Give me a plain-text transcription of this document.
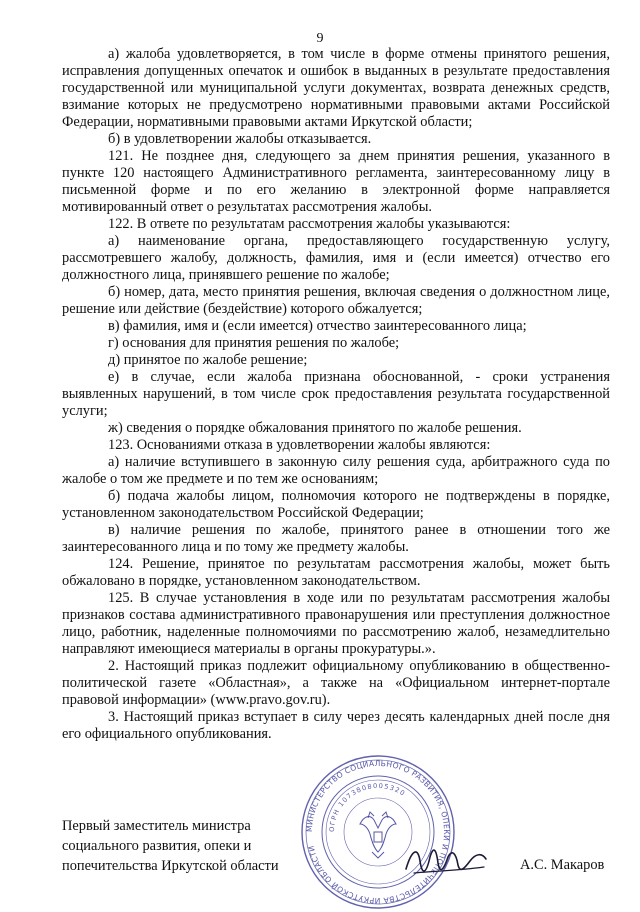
9

а) жалоба удовлетворяется, в том числе в форме отмены принятого решения, исправления допущенных опечаток и ошибок в выданных в результате предоставления государственной или муниципальной услуги документах, возврата денежных средств, взимание которых не предусмотрено нормативными правовыми актами Российской Федерации, нормативными правовыми актами Иркутской области;

б) в удовлетворении жалобы отказывается.

121. Не позднее дня, следующего за днем принятия решения, указанного в пункте 120 настоящего Административного регламента, заинтересованному лицу в письменной форме и по его желанию в электронной форме направляется мотивированный ответ о результатах рассмотрения жалобы.

122. В ответе по результатам рассмотрения жалобы указываются:

а) наименование органа, предоставляющего государственную услугу, рассмотревшего жалобу, должность, фамилия, имя и (если имеется) отчество его должностного лица, принявшего решение по жалобе;

б) номер, дата, место принятия решения, включая сведения о должностном лице, решение или действие (бездействие) которого обжалуется;

в) фамилия, имя и (если имеется) отчество заинтересованного лица;

г) основания для принятия решения по жалобе;

д) принятое по жалобе решение;

е) в случае, если жалоба признана обоснованной, - сроки устранения выявленных нарушений, в том числе срок предоставления результата государственной услуги;

ж) сведения о порядке обжалования принятого по жалобе решения.

123. Основаниями отказа в удовлетворении жалобы являются:

а) наличие вступившего в законную силу решения суда, арбитражного суда по жалобе о том же предмете и по тем же основаниям;

б) подача жалобы лицом, полномочия которого не подтверждены в порядке, установленном законодательством Российской Федерации;

в) наличие решения по жалобе, принятого ранее в отношении того же заинтересованного лица и по тому же предмету жалобы.

124. Решение, принятое по результатам рассмотрения жалобы, может быть обжаловано в порядке, установленном законодательством.

125. В случае установления в ходе или по результатам рассмотрения жалобы признаков состава административного правонарушения или преступления должностное лицо, работник, наделенные полномочиями по рассмотрению жалоб, незамедлительно направляют имеющиеся материалы в органы прокуратуры.».

2. Настоящий приказ подлежит официальному опубликованию в общественно-политической газете «Областная», а также на «Официальном интернет-портале правовой информации» (www.pravo.gov.ru).

3. Настоящий приказ вступает в силу через десять календарных дней после дня его официального опубликования.

МИНИСТЕРСТВО СОЦИАЛЬНОГО РАЗВИТИЯ, ОПЕКИ И ПОПЕЧИТЕЛЬСТВА ИРКУТСКОЙ ОБЛАСТИ
ОГРН 1073808005320
Первый заместитель министра
социального развития, опеки и
попечительства Иркутской области	А.С. Макаров
